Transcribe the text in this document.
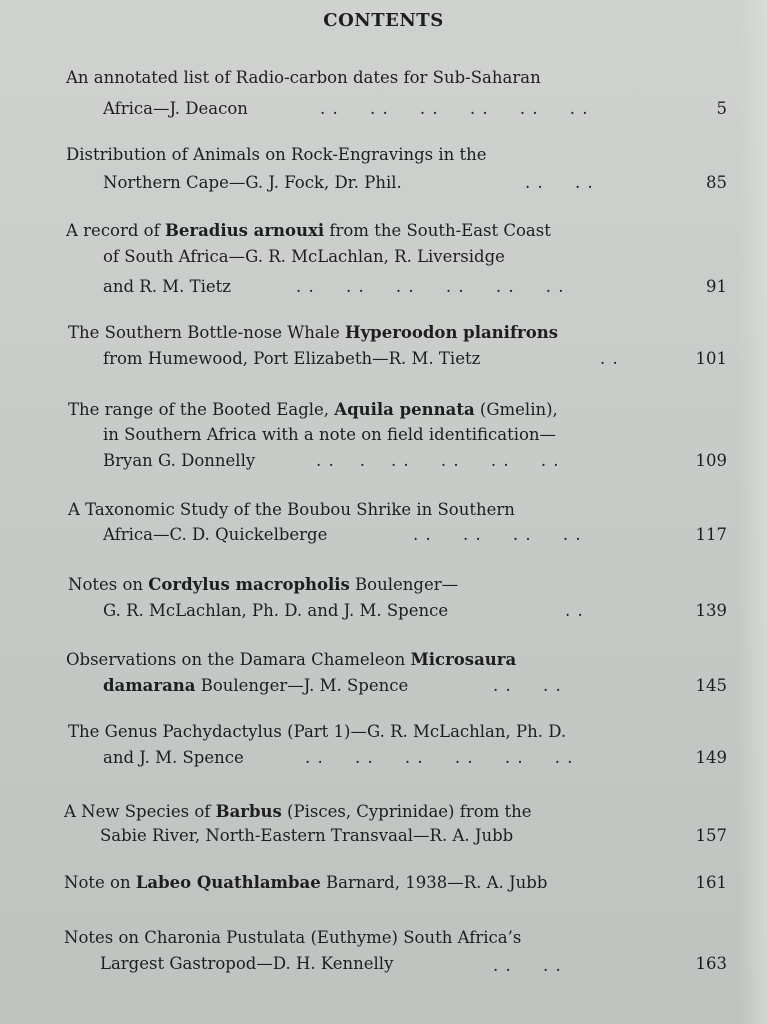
CONTENTS
An annotated list of Radio-carbon dates for Sub-Saharan
Africa—J. Deacon	. .     . .     . .     . .     . .     . .	5
Distribution of Animals on Rock-Engravings in the
Northern Cape—G. J. Fock, Dr. Phil.	. .     . .	85
A record of Beradius arnouxi from the South-East Coast
of South Africa—G. R. McLachlan, R. Liversidge
and R. M. Tietz	. .     . .     . .     . .     . .     . .	91
The Southern Bottle-nose Whale Hyperoodon planifrons
from Humewood, Port Elizabeth—R. M. Tietz	. .	101
The range of the Booted Eagle, Aquila pennata (Gmelin),
in Southern Africa with a note on field identification—
Bryan G. Donnelly	. .    .    . .     . .     . .     . .	109
A Taxonomic Study of the Boubou Shrike in Southern
Africa—C. D. Quickelberge	. .     . .     . .     . .	117
Notes on Cordylus macropholis Boulenger—
G. R. McLachlan, Ph. D. and J. M. Spence	. .	139
Observations on the Damara Chameleon Microsaura
damarana Boulenger—J. M. Spence	. .     . .	145
The Genus Pachydactylus (Part 1)—G. R. McLachlan, Ph. D.
and J. M. Spence	. .     . .     . .     . .     . .     . .	149
A New Species of Barbus (Pisces, Cyprinidae) from the
Sabie River, North-Eastern Transvaal—R. A. Jubb	157
Note on Labeo Quathlambae Barnard, 1938—R. A. Jubb	161
Notes on Charonia Pustulata (Euthyme) South Africa’s
Largest Gastropod—D. H. Kennelly	. .     . .	163
